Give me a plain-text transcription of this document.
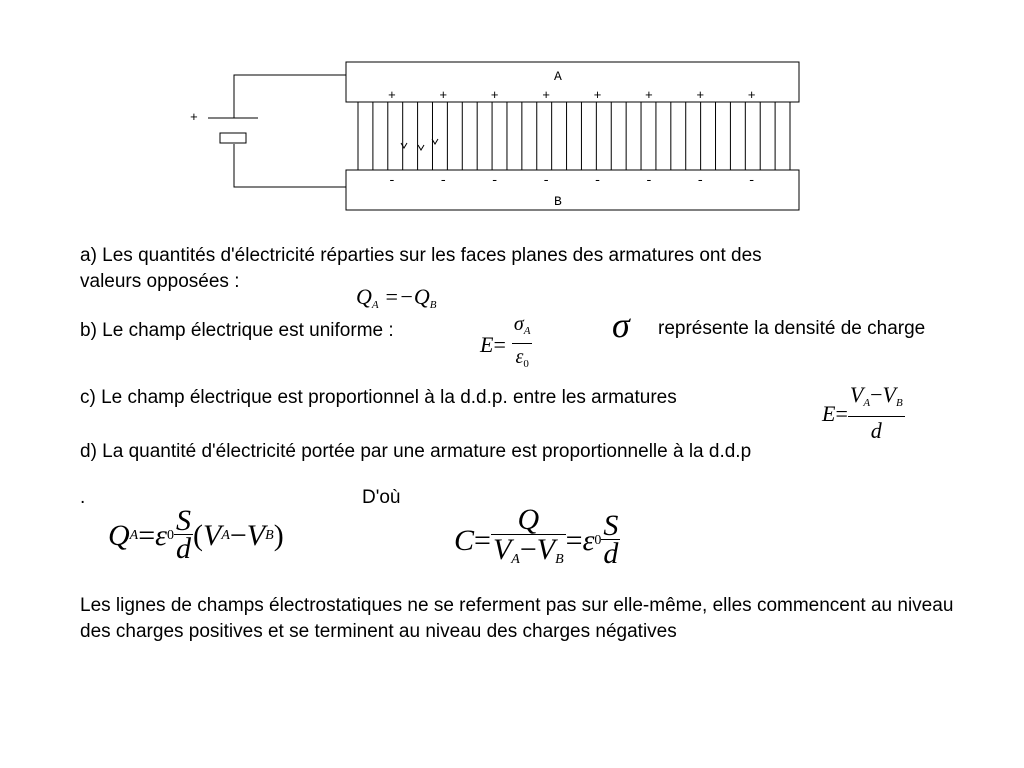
+
A
B
+	+	+	+	+	+	+	+
-	-	-	-	-	-	-	-
a) Les quantités d'électricité réparties sur les faces planes des armatures ont des
valeurs opposées :
$Q_A =-Q_B$
b) Le champ électrique est uniforme :
$E = \frac{\sigma_A}{\varepsilon_0}$ σ représente la densité de charge
c) Le champ électrique est proportionnel à la d.d.p. entre les armatures
$E = \frac{V_A-V_B}{d}$
d) La quantité d'électricité portée par une armature est proportionnelle à la d.d.p
.	D'où
Q A = ε $0 \frac{S}{d}$ ( V A − V B )	$C = \frac{Q}{V_A-V_B} = \varepsilon$ $0 \frac{S}{d}$
Les lignes de champs électrostatiques ne se referment pas sur elle-même, elles commencent au niveau des charges positives et se terminent au niveau des charges négatives
